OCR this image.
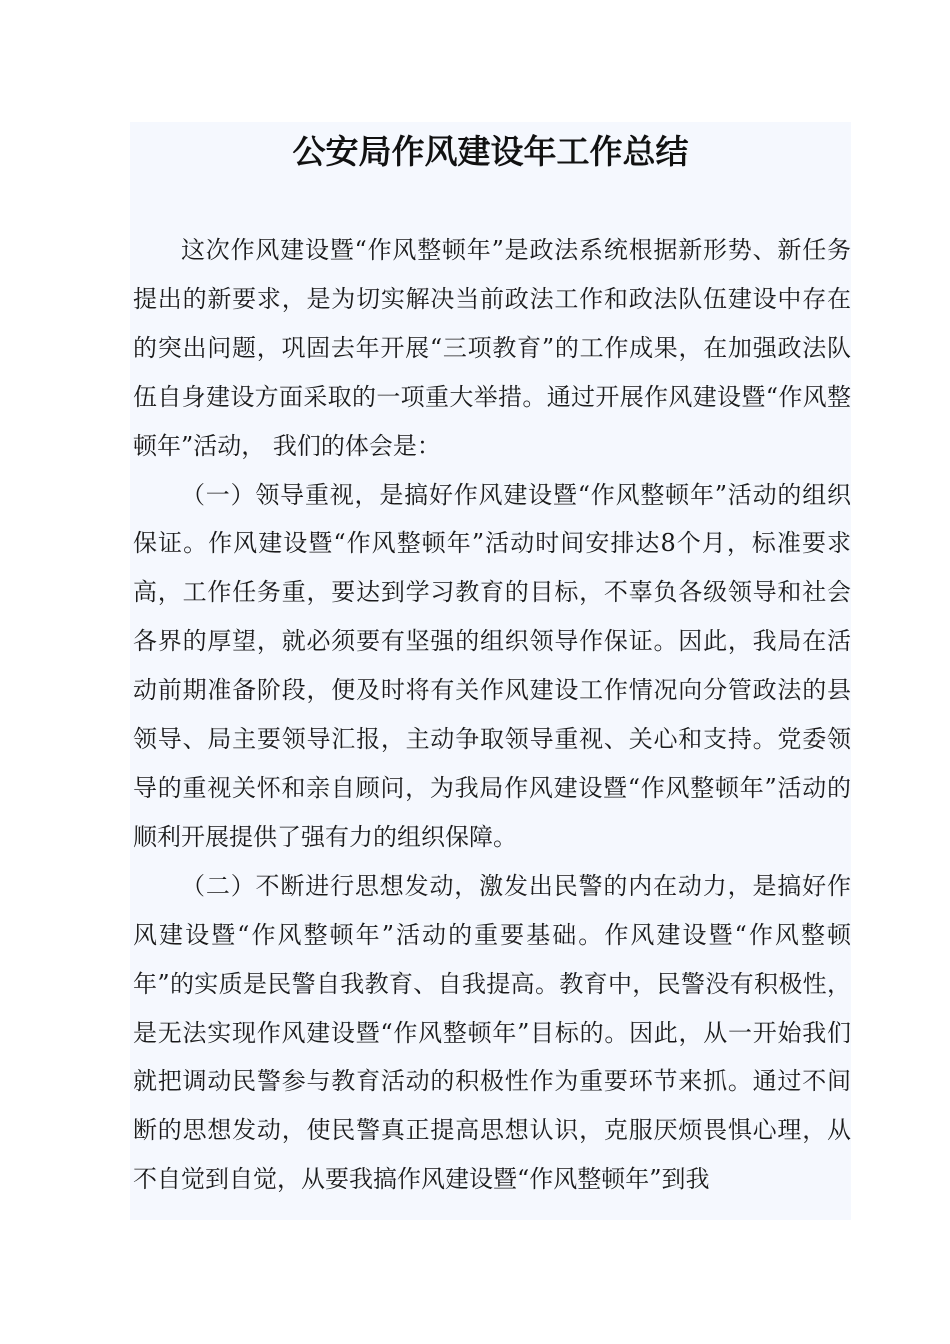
公安局作风建设年工作总结

这次作风建设暨“作风整顿年”是政法系统根据新形势、新任务提出的新要求，是为切实解决当前政法工作和政法队伍建设中存在的突出问题，巩固去年开展“三项教育”的工作成果，在加强政法队伍自身建设方面采取的一项重大举措。通过开展作风建设暨“作风整顿年”活动， 我们的体会是：

（一）领导重视，是搞好作风建设暨“作风整顿年”活动的组织保证。作风建设暨“作风整顿年”活动时间安排达8个月，标准要求高，工作任务重，要达到学习教育的目标，不辜负各级领导和社会各界的厚望，就必须要有坚强的组织领导作保证。因此，我局在活动前期准备阶段，便及时将有关作风建设工作情况向分管政法的县领导、局主要领导汇报，主动争取领导重视、关心和支持。党委领导的重视关怀和亲自顾问，为我局作风建设暨“作风整顿年”活动的顺利开展提供了强有力的组织保障。

（二）不断进行思想发动，激发出民警的内在动力，是搞好作风建设暨“作风整顿年”活动的重要基础。作风建设暨“作风整顿年”的实质是民警自我教育、自我提高。教育中，民警没有积极性，是无法实现作风建设暨“作风整顿年”目标的。因此，从一开始我们就把调动民警参与教育活动的积极性作为重要环节来抓。通过不间断的思想发动，使民警真正提高思想认识，克服厌烦畏惧心理，从不自觉到自觉，从要我搞作风建设暨“作风整顿年”到我
